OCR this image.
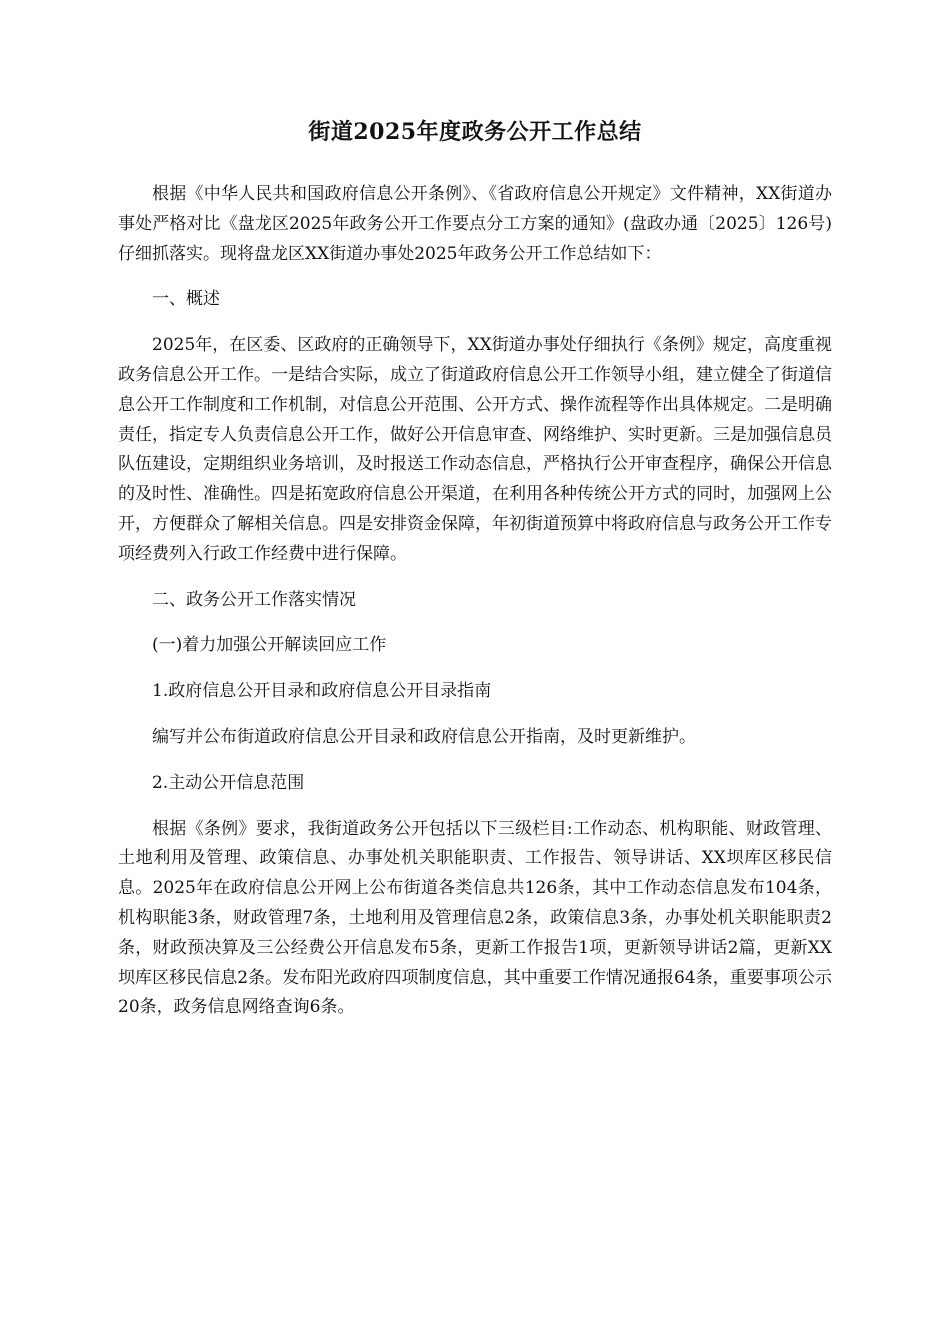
街道2025年度政务公开工作总结

根据《中华人民共和国政府信息公开条例》、《省政府信息公开规定》文件精神，XX街道办事处严格对比《盘龙区2025年政务公开工作要点分工方案的通知》(盘政办通〔2025〕126号)仔细抓落实。现将盘龙区XX街道办事处2025年政务公开工作总结如下：

一、概述

2025年，在区委、区政府的正确领导下，XX街道办事处仔细执行《条例》规定，高度重视政务信息公开工作。一是结合实际，成立了街道政府信息公开工作领导小组，建立健全了街道信息公开工作制度和工作机制，对信息公开范围、公开方式、操作流程等作出具体规定。二是明确责任，指定专人负责信息公开工作，做好公开信息审查、网络维护、实时更新。三是加强信息员队伍建设，定期组织业务培训，及时报送工作动态信息，严格执行公开审查程序，确保公开信息的及时性、准确性。四是拓宽政府信息公开渠道，在利用各种传统公开方式的同时，加强网上公开，方便群众了解相关信息。四是安排资金保障，年初街道预算中将政府信息与政务公开工作专项经费列入行政工作经费中进行保障。

二、政务公开工作落实情况

(一)着力加强公开解读回应工作

1.政府信息公开目录和政府信息公开目录指南

编写并公布街道政府信息公开目录和政府信息公开指南，及时更新维护。

2.主动公开信息范围

根据《条例》要求，我街道政务公开包括以下三级栏目:工作动态、机构职能、财政管理、土地利用及管理、政策信息、办事处机关职能职责、工作报告、领导讲话、XX坝库区移民信息。2025年在政府信息公开网上公布街道各类信息共126条，其中工作动态信息发布104条，机构职能3条，财政管理7条，土地利用及管理信息2条，政策信息3条，办事处机关职能职责2条，财政预决算及三公经费公开信息发布5条，更新工作报告1项，更新领导讲话2篇，更新XX坝库区移民信息2条。发布阳光政府四项制度信息，其中重要工作情况通报64条，重要事项公示20条，政务信息网络查询6条。
